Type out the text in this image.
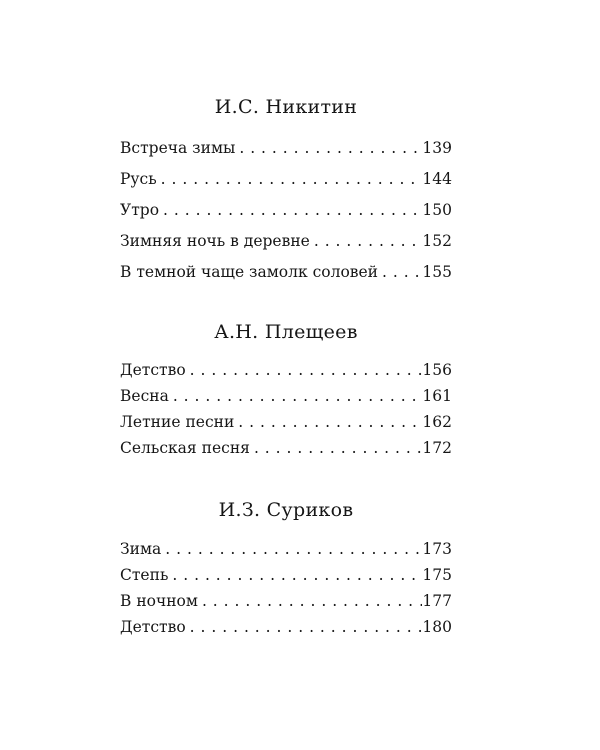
И.С. Никитин
Встреча зимы . . .	139
Русь . . .	144
Утро . . .	150
Зимняя ночь в деревне . . .	152
В темной чаще замолк соловей . . .	155
А.Н. Плещеев
Детство . . .	156
Весна . . .	161
Летние песни . . .	162
Сельская песня . . .	172
И.З. Суриков
Зима . . .	173
Степь . . .	175
В ночном . . .	177
Детство . . .	180
